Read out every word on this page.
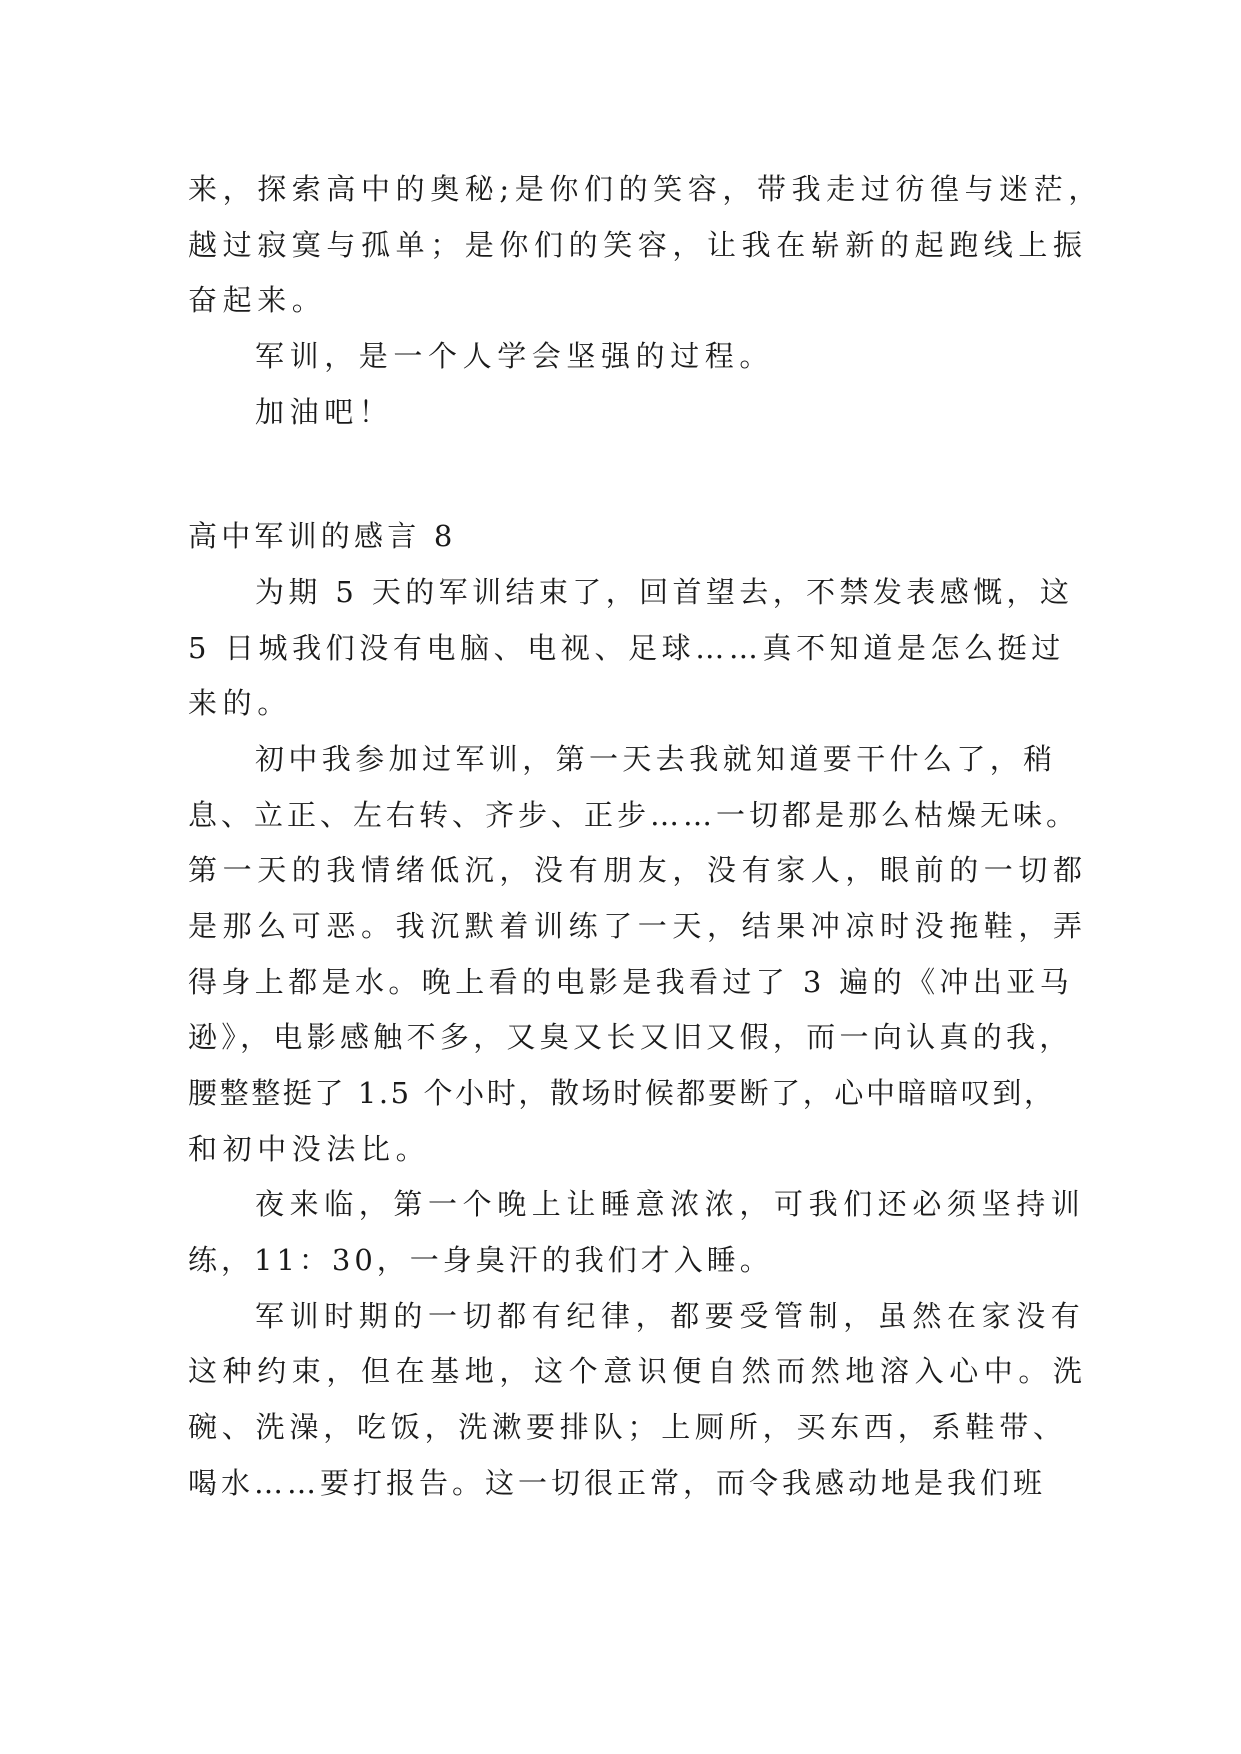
来，探索高中的奥秘;是你们的笑容，带我走过彷徨与迷茫，
越过寂寞与孤单；是你们的笑容，让我在崭新的起跑线上振
奋起来。
军训，是一个人学会坚强的过程。
加油吧！
高中军训的感言 8
为期 5 天的军训结束了，回首望去，不禁发表感慨，这
5 日城我们没有电脑、电视、足球……真不知道是怎么挺过
来的。
初中我参加过军训，第一天去我就知道要干什么了，稍
息、立正、左右转、齐步、正步……一切都是那么枯燥无味。
第一天的我情绪低沉，没有朋友，没有家人，眼前的一切都
是那么可恶。我沉默着训练了一天，结果冲凉时没拖鞋，弄
得身上都是水。晚上看的电影是我看过了 3 遍的《冲出亚马
逊》，电影感触不多，又臭又长又旧又假，而一向认真的我，
腰整整挺了 1.5 个小时，散场时候都要断了，心中暗暗叹到，
和初中没法比。
夜来临，第一个晚上让睡意浓浓，可我们还必须坚持训
练，11：30，一身臭汗的我们才入睡。
军训时期的一切都有纪律，都要受管制，虽然在家没有
这种约束，但在基地，这个意识便自然而然地溶入心中。洗
碗、洗澡，吃饭，洗漱要排队；上厕所，买东西，系鞋带、
喝水……要打报告。这一切很正常，而令我感动地是我们班
